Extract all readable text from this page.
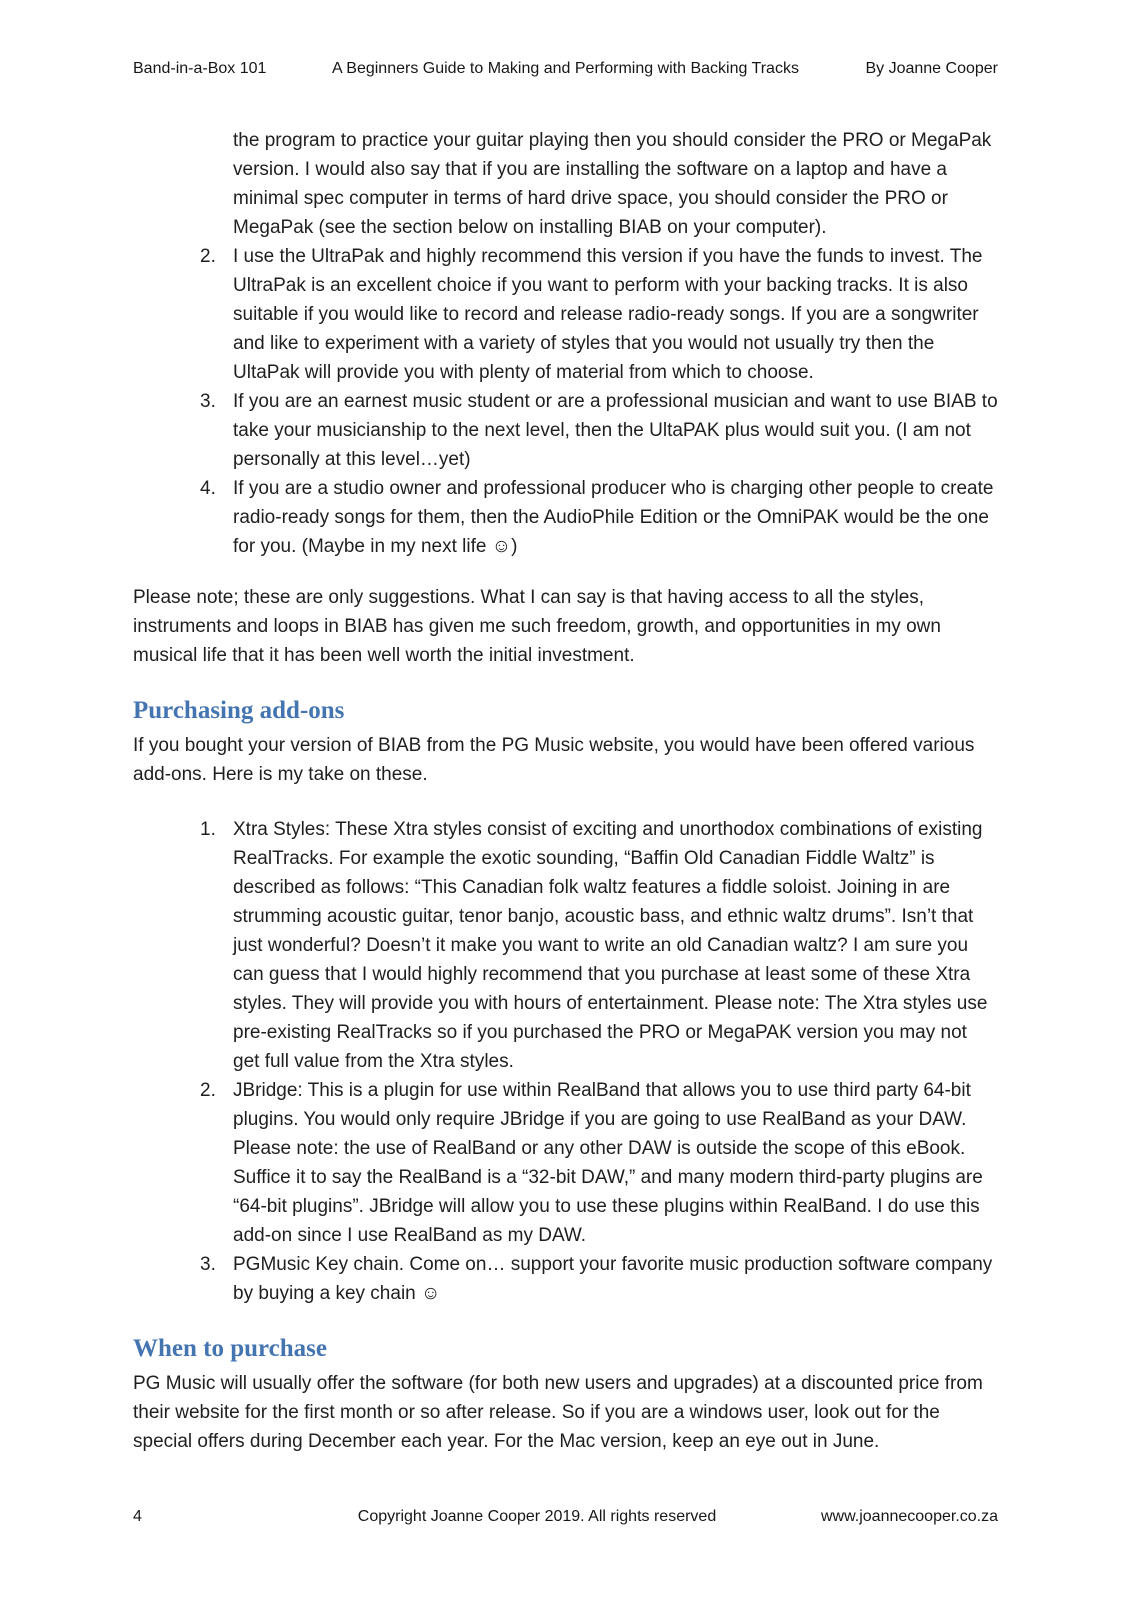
Band-in-a-Box 101	A Beginners Guide to Making and Performing with Backing Tracks	By Joanne Cooper

the program to practice your guitar playing then you should consider the PRO or MegaPak version. I would also say that if you are installing the software on a laptop and have a minimal spec computer in terms of hard drive space, you should consider the PRO or MegaPak (see the section below on installing BIAB on your computer).

2. I use the UltraPak and highly recommend this version if you have the funds to invest. The UltraPak is an excellent choice if you want to perform with your backing tracks. It is also suitable if you would like to record and release radio-ready songs. If you are a songwriter and like to experiment with a variety of styles that you would not usually try then the UltaPak will provide you with plenty of material from which to choose.
3. If you are an earnest music student or are a professional musician and want to use BIAB to take your musicianship to the next level, then the UltaPAK plus would suit you. (I am not personally at this level…yet)
4. If you are a studio owner and professional producer who is charging other people to create radio-ready songs for them, then the AudioPhile Edition or the OmniPAK would be the one for you. (Maybe in my next life ☺)

Please note; these are only suggestions. What I can say is that having access to all the styles, instruments and loops in BIAB has given me such freedom, growth, and opportunities in my own musical life that it has been well worth the initial investment.

Purchasing add-ons

If you bought your version of BIAB from the PG Music website, you would have been offered various add-ons. Here is my take on these.

1. Xtra Styles: These Xtra styles consist of exciting and unorthodox combinations of existing RealTracks. For example the exotic sounding, “Baffin Old Canadian Fiddle Waltz” is described as follows: “This Canadian folk waltz features a fiddle soloist. Joining in are strumming acoustic guitar, tenor banjo, acoustic bass, and ethnic waltz drums”. Isn’t that just wonderful? Doesn’t it make you want to write an old Canadian waltz? I am sure you can guess that I would highly recommend that you purchase at least some of these Xtra styles. They will provide you with hours of entertainment. Please note: The Xtra styles use pre-existing RealTracks so if you purchased the PRO or MegaPAK version you may not get full value from the Xtra styles.
2. JBridge: This is a plugin for use within RealBand that allows you to use third party 64-bit plugins. You would only require JBridge if you are going to use RealBand as your DAW. Please note: the use of RealBand or any other DAW is outside the scope of this eBook. Suffice it to say the RealBand is a “32-bit DAW,” and many modern third-party plugins are “64-bit plugins”. JBridge will allow you to use these plugins within RealBand. I do use this add-on since I use RealBand as my DAW.
3. PGMusic Key chain. Come on… support your favorite music production software company by buying a key chain ☺
When to purchase

PG Music will usually offer the software (for both new users and upgrades) at a discounted price from their website for the first month or so after release. So if you are a windows user, look out for the special offers during December each year. For the Mac version, keep an eye out in June.

4	Copyright Joanne Cooper 2019. All rights reserved	www.joannecooper.co.za
